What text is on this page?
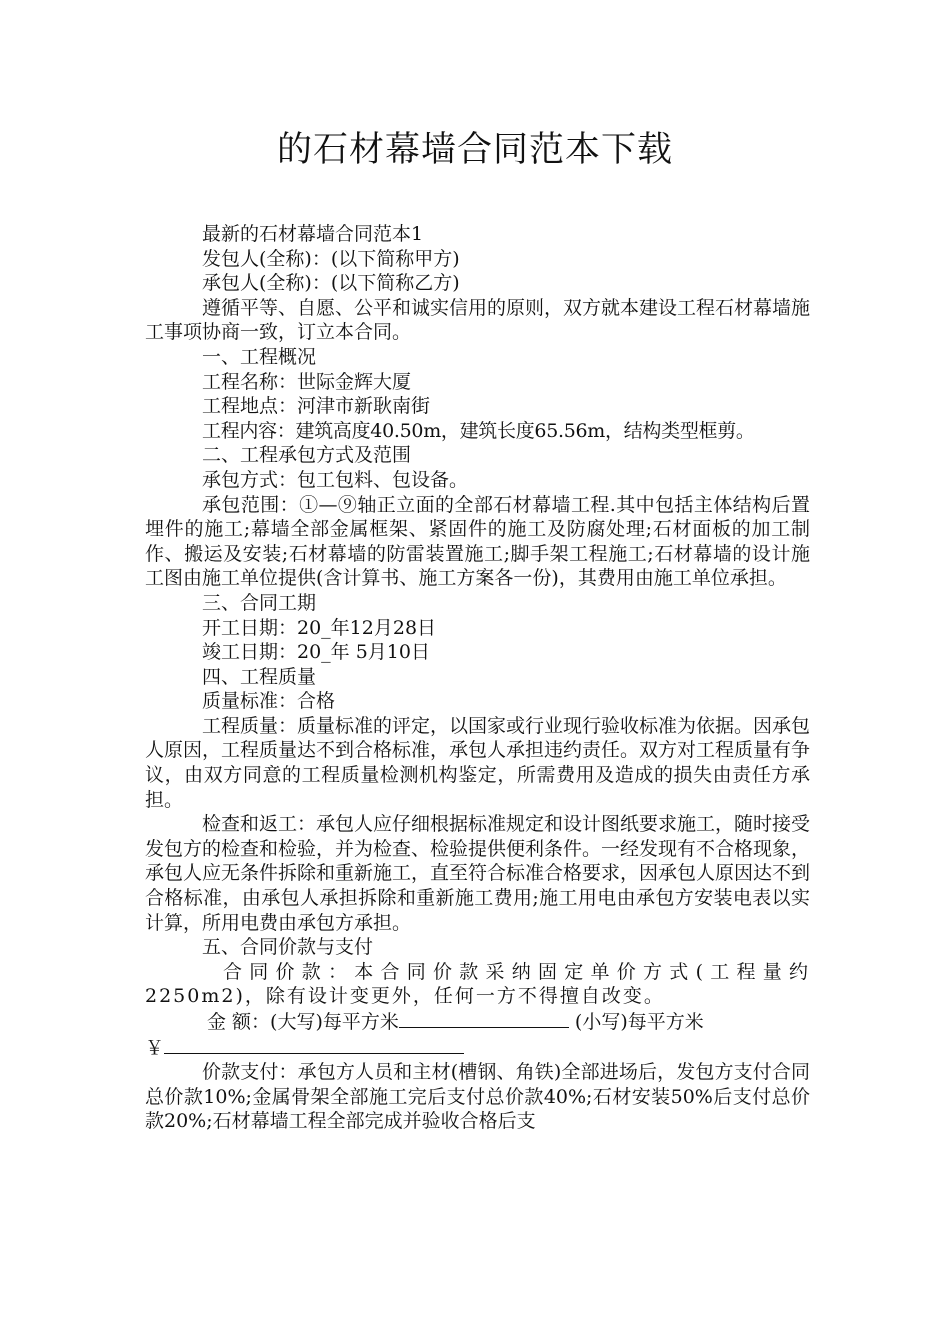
的石材幕墙合同范本下载

最新的石材幕墙合同范本1

发包人(全称)：(以下简称甲方)

承包人(全称)：(以下简称乙方)

遵循平等、自愿、公平和诚实信用的原则，双方就本建设工程石材幕墙施工事项协商一致，订立本合同。

一、工程概况

工程名称：世际金辉大厦

工程地点：河津市新耿南街

工程内容：建筑高度40.50m，建筑长度65.56m，结构类型框剪。

二、工程承包方式及范围

承包方式：包工包料、包设备。

承包范围：①—⑨轴正立面的全部石材幕墙工程.其中包括主体结构后置埋件的施工;幕墙全部金属框架、紧固件的施工及防腐处理;石材面板的加工制作、搬运及安装;石材幕墙的防雷装置施工;脚手架工程施工;石材幕墙的设计施工图由施工单位提供(含计算书、施工方案各一份)，其费用由施工单位承担。

三、合同工期

开工日期：20_年12月28日

竣工日期：20_年 5月10日

四、工程质量

质量标准：合格

工程质量：质量标准的评定，以国家或行业现行验收标准为依据。因承包人原因，工程质量达不到合格标准，承包人承担违约责任。双方对工程质量有争议，由双方同意的工程质量检测机构鉴定，所需费用及造成的损失由责任方承担。

检查和返工：承包人应仔细根据标准规定和设计图纸要求施工，随时接受发包方的检查和检验，并为检查、检验提供便利条件。一经发现有不合格现象，承包人应无条件拆除和重新施工，直至符合标准合格要求，因承包人原因达不到合格标准，由承包人承担拆除和重新施工费用;施工用电由承包方安装电表以实计算，所用电费由承包方承担。

五、合同价款与支付

合同价款：本合同价款采纳固定单价方式(工程量约2250m2)，除有设计变更外，任何一方不得擅自改变。

金 额：(大写)每平方米	(小写)每平方米

￥

价款支付：承包方人员和主材(槽钢、角铁)全部进场后，发包方支付合同总价款10%;金属骨架全部施工完后支付总价款40%;石材安装50%后支付总价款20%;石材幕墙工程全部完成并验收合格后支
